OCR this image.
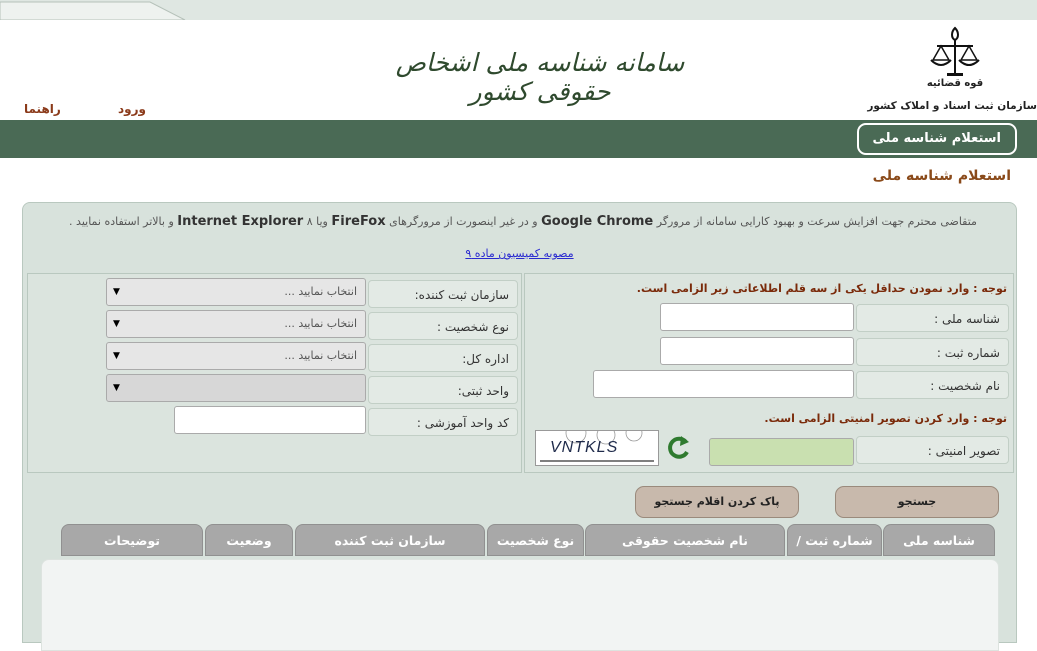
سامانه شناسه ملی اشخاص حقوقی کشور	قوه قضائیه
سازمان ثبت اسناد و املاک کشور
راهنما	ورود
استعلام شناسه ملی
استعلام شناسه ملی
متقاضی محترم جهت افزایش سرعت و بهبود کارایی سامانه از مرورگر Google Chrome و در غیر اینصورت از مرورگرهای FireFox ویا ۸ Internet Explorer و بالاتر استفاده نمایید .
مصوبه کمیسیون ماده ۹
سازمان ثبت کننده:
انتخاب نمایید ...
▼
نوع شخصیت :
انتخاب نمایید ...
▼
اداره کل:
انتخاب نمایید ...
▼
واحد ثبتی:
▼
کد واحد آموزشی :
توجه : وارد نمودن حداقل یکی از سه قلم اطلاعاتی زیر الزامی است.
شناسه ملی :
شماره ثبت :
نام شخصیت :
توجه : وارد کردن تصویر امنیتی الزامی است.
تصویر امنیتی :
VNTKLS
جستجو
پاک کردن اقلام جستجو
شناسه ملی
شماره ثبت /
نام شخصیت حقوقی
نوع شخصیت
سازمان ثبت کننده
وضعیت
توضیحات
